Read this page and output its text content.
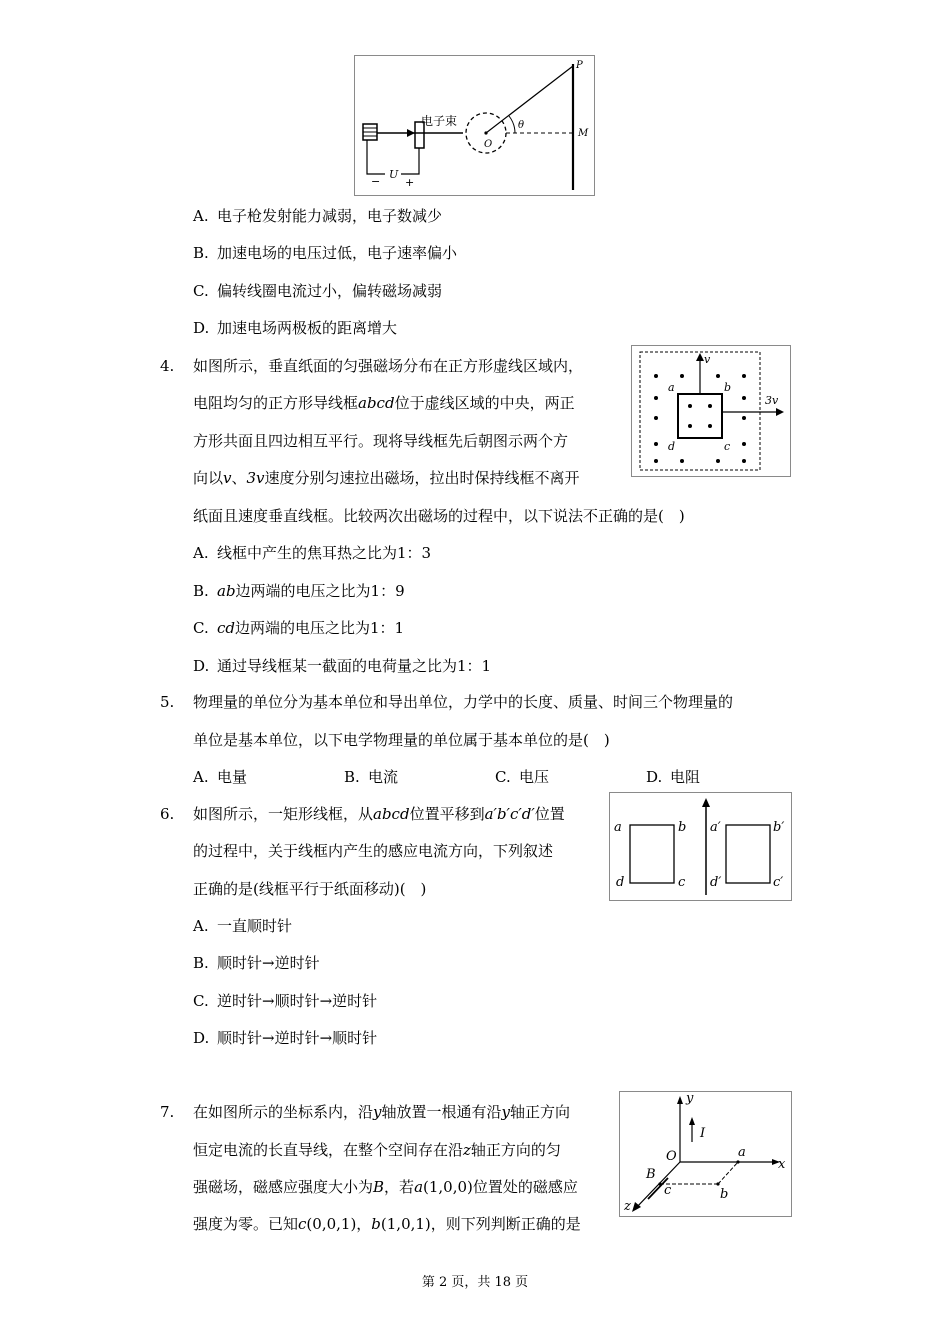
电子束
U
− +
O
θ
P
M
A. 电子枪发射能力减弱，电子数减少
B. 加速电场的电压过低，电子速率偏小
C. 偏转线圈电流过小，偏转磁场减弱
D. 加速电场两极板的距离增大
4. 如图所示，垂直纸面的匀强磁场分布在正方形虚线区域内，
电阻均匀的正方形导线框abcd位于虚线区域的中央，两正
方形共面且四边相互平行。现将导线框先后朝图示两个方
向以v、3v速度分别匀速拉出磁场，拉出时保持线框不离开
纸面且速度垂直线框。比较两次出磁场的过程中，以下说法不正确的是(　)
v
3v
a	b
c
d
A. 线框中产生的焦耳热之比为1：3
B. ab边两端的电压之比为1：9
C. cd边两端的电压之比为1：1
D. 通过导线框某一截面的电荷量之比为1：1
5. 物理量的单位分为基本单位和导出单位，力学中的长度、质量、时间三个物理量的
单位是基本单位，以下电学物理量的单位属于基本单位的是(　)
A. 电量	B. 电流	C. 电压	D. 电阻
6. 如图所示，一矩形线框，从abcd位置平移到a′b′c′d′位置
的过程中，关于线框内产生的感应电流方向，下列叙述
正确的是(线框平行于纸面移动)(　)
a	b
c
d
a′	b′
c′
d′
A. 一直顺时针
B. 顺时针→逆时针
C. 逆时针→顺时针→逆时针
D. 顺时针→逆时针→顺时针
7. 在如图所示的坐标系内，沿y轴放置一根通有沿y轴正方向
恒定电流的长直导线，在整个空间存在沿z轴正方向的匀
强磁场，磁感应强度大小为B，若a(1,0,0)位置处的磁感应
强度为零。已知c(0,0,1)，b(1,0,1)，则下列判断正确的是
y
I
O	a
x
B
c	b
z
第 2 页，共 18 页
